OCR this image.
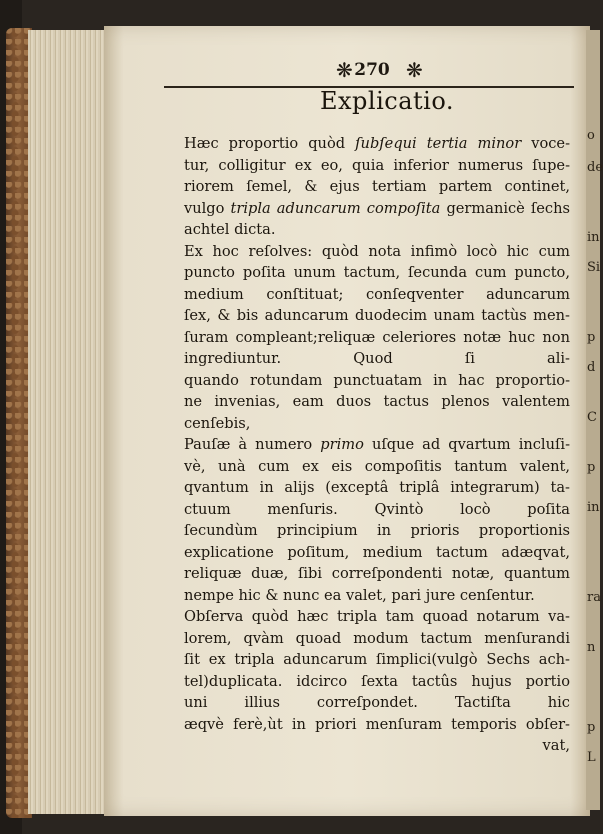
o
de
in
Si
p
d
C
p
in
ra
n
p
L
❋ 270 ❋
Explicatio.
Hæc proportio quòd ſubſequi tertia minor voce-
tur, colligitur ex eo, quia inferior numerus ſupe-
riorem ſemel, & ejus tertiam partem continet,
vulgo tripla aduncarum compoſita germanicè ſechs
achtel dicta.
Ex hoc reſolves: quòd nota infimò locò hic cum
puncto poſita unum tactum, ſecunda cum puncto,
medium conſtituat; conſeqventer aduncarum
ſex, & bis aduncarum duodecim unam tactùs men-
ſuram compleant;reliquæ celeriores notæ huc non
ingrediuntur. Quod ſi ali-
quando rotundam punctuatam in hac proportio-
ne invenias, eam duos tactus plenos valentem
cenſebis,
Pauſæ à numero primo uſque ad qvartum incluſi-
vè, unà cum ex eis compoſitis tantum valent,
qvantum in alijs (exceptâ triplâ integrarum) ta-
ctuum menſuris. Qvintò locò poſita
ſecundùm principium in prioris proportionis
explicatione poſitum, medium tactum adæqvat,
reliquæ duæ, ſibi correſpondenti notæ, quantum
nempe hic & nunc ea valet, pari jure cenſentur.
Obſerva quòd hæc tripla tam quoad notarum va-
lorem, qvàm quoad modum tactum menſurandi
ſit ex tripla aduncarum ſimplici(vulgò Sechs ach-
tel)duplicata. idcirco ſexta tactûs hujus portio
uni illius correſpondet. Tactiſta hic
æqvè ferè,ùt in priori menſuram temporis obſer-
vat,
